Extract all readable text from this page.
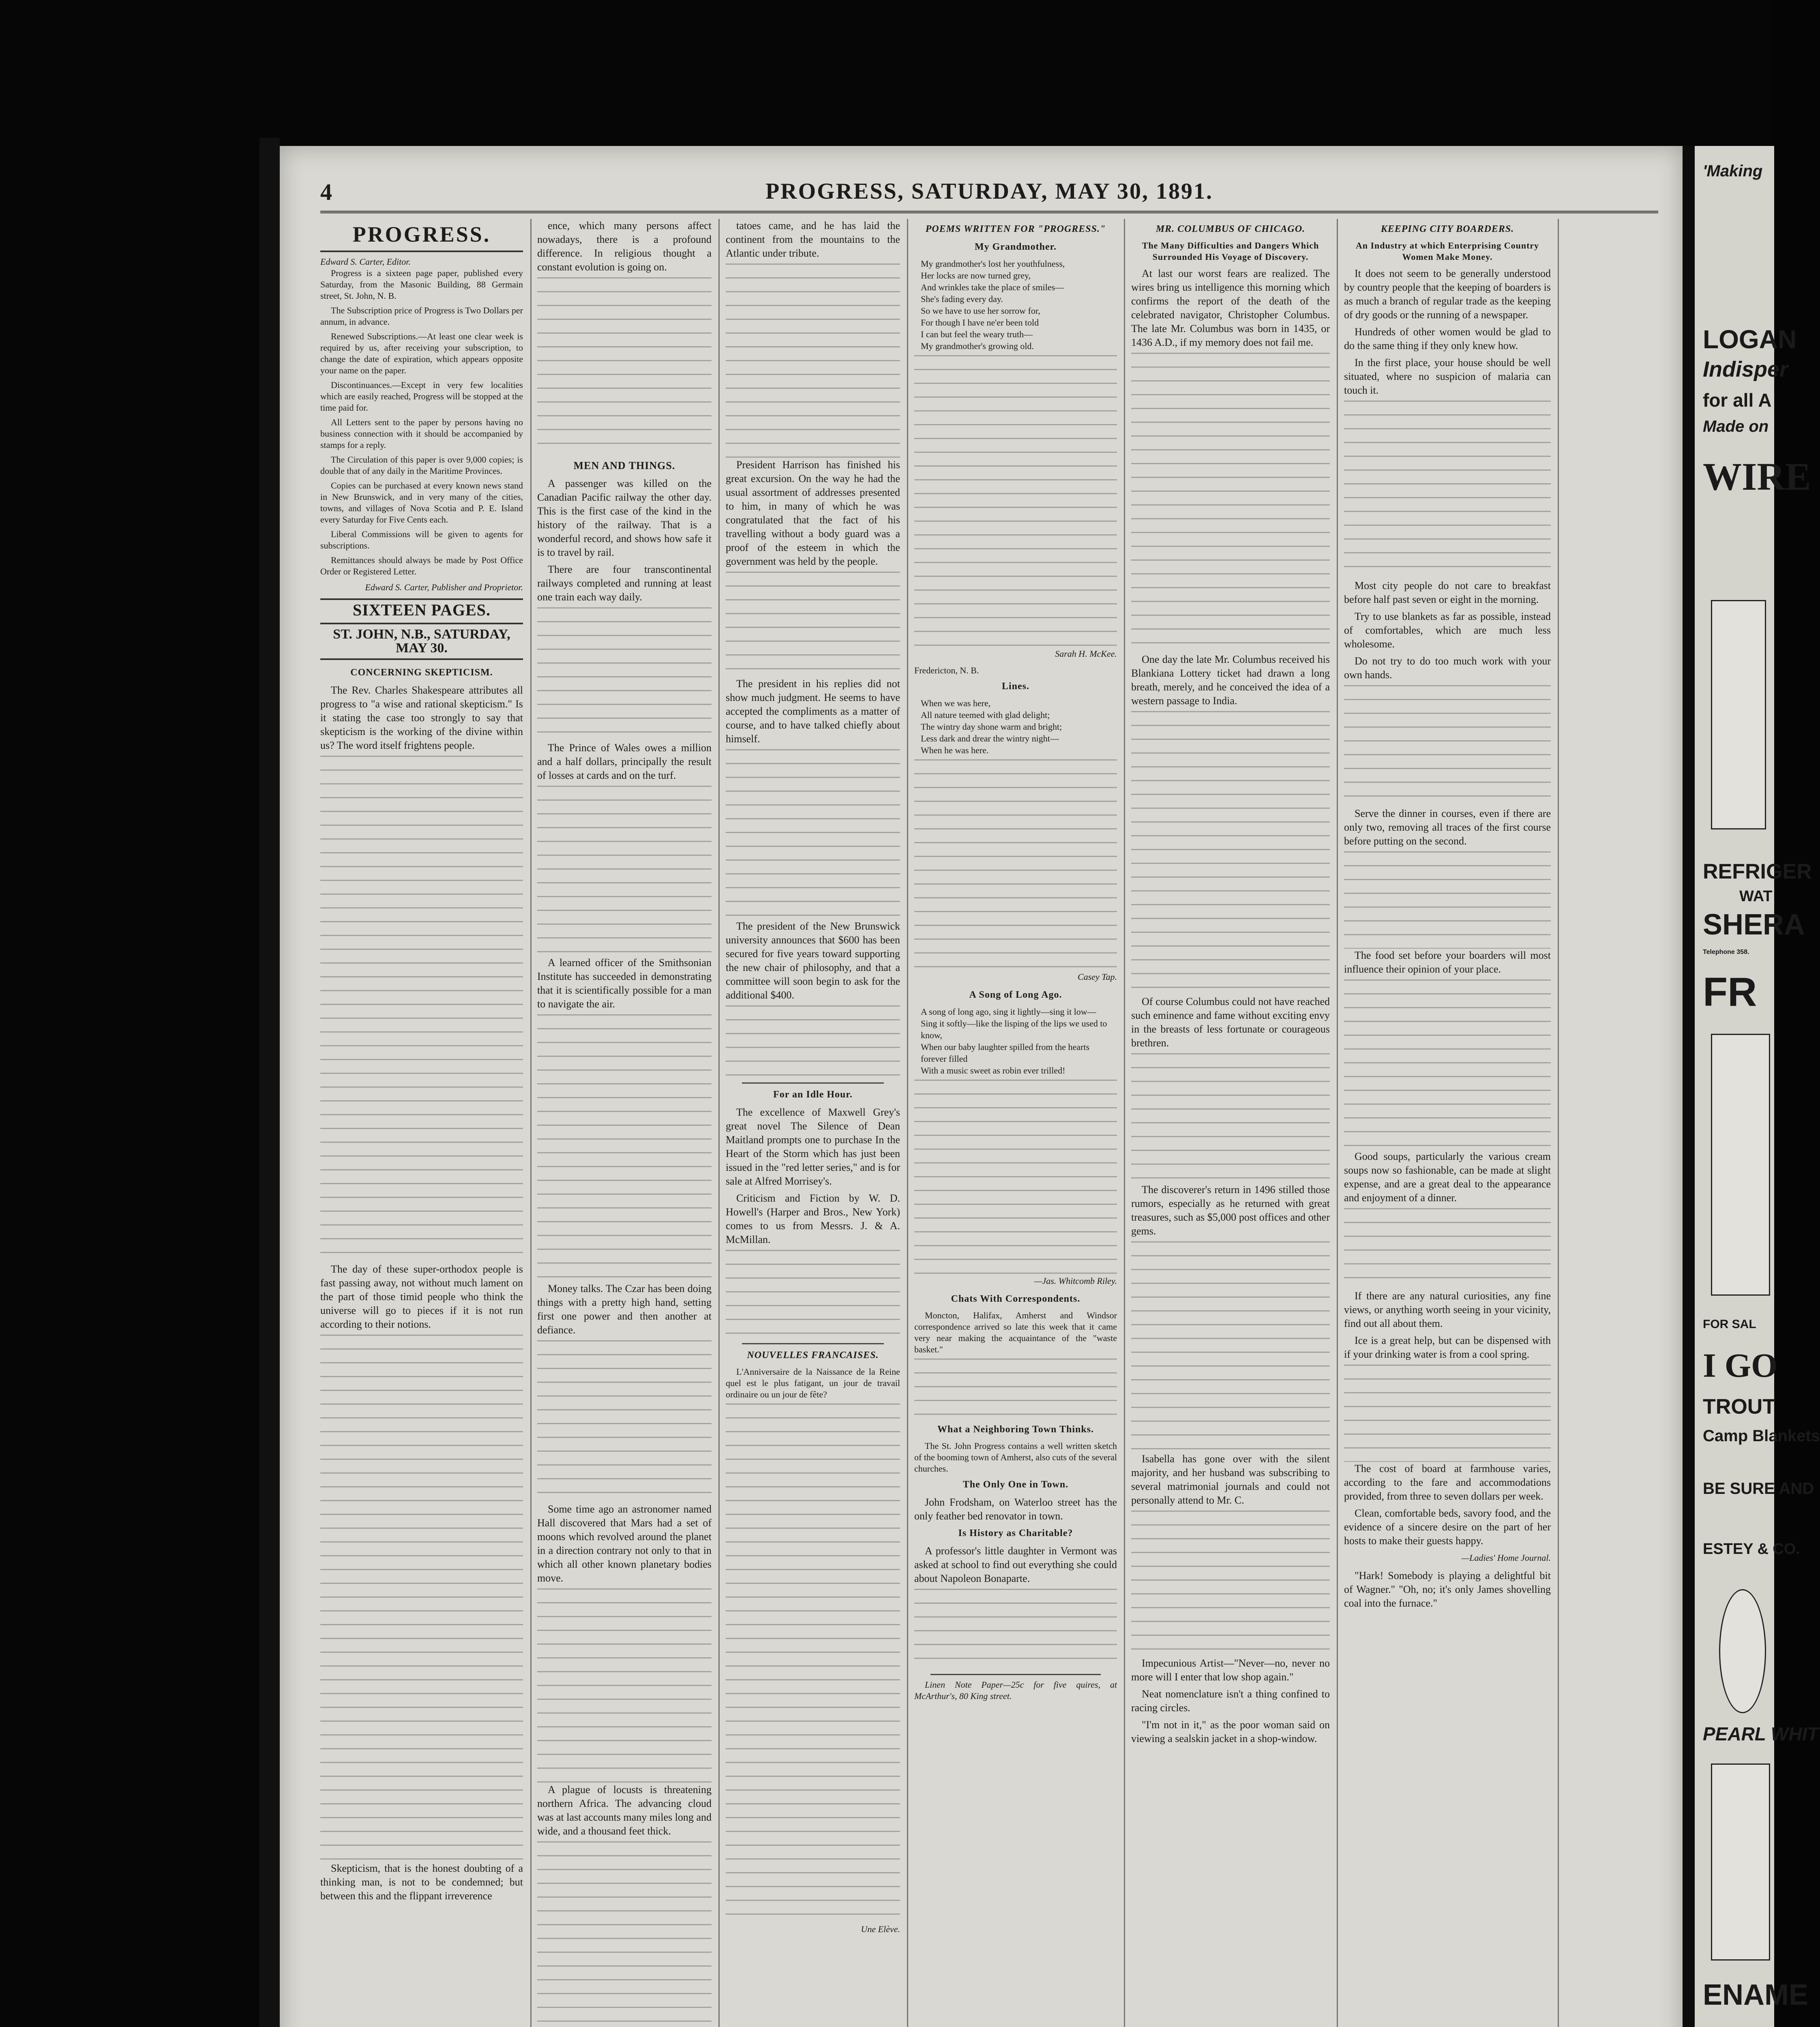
'Making
LOGAN
Indisper
for all A
Made on
WIRE
REFRIGER
WAT
SHERA
Telephone 358.
FR
FOR SAL
I GO
TROUT
Camp Blankets
BE SURE AND
ESTEY & CO.
PEARL WHIT
ENAME
4	PROGRESS, SATURDAY, MAY 30, 1891.
PROGRESS.
Edward S. Carter, Editor.

Progress is a sixteen page paper, published every Saturday, from the Masonic Building, 88 Germain street, St. John, N. B.

The Subscription price of Progress is Two Dollars per annum, in advance.

Renewed Subscriptions.—At least one clear week is required by us, after receiving your subscription, to change the date of expiration, which appears opposite your name on the paper.

Discontinuances.—Except in very few localities which are easily reached, Progress will be stopped at the time paid for.

All Letters sent to the paper by persons having no business connection with it should be accompanied by stamps for a reply.

The Circulation of this paper is over 9,000 copies; is double that of any daily in the Maritime Provinces.

Copies can be purchased at every known news stand in New Brunswick, and in very many of the cities, towns, and villages of Nova Scotia and P. E. Island every Saturday for Five Cents each.

Liberal Commissions will be given to agents for subscriptions.

Remittances should always be made by Post Office Order or Registered Letter.

Edward S. Carter, Publisher and Proprietor.
SIXTEEN PAGES.
ST. JOHN, N.B., SATURDAY, MAY 30.
CONCERNING SKEPTICISM.

The Rev. Charles Shakespeare attributes all progress to "a wise and rational skepticism." Is it stating the case too strongly to say that skepticism is the working of the divine within us? The word itself frightens people.

The day of these super-orthodox people is fast passing away, not without much lament on the part of those timid people who think the universe will go to pieces if it is not run according to their notions.

Skepticism, that is the honest doubting of a thinking man, is not to be condemned; but between this and the flippant irreverence

ence, which many persons affect nowadays, there is a profound difference. In religious thought a constant evolution is going on.

MEN AND THINGS.

A passenger was killed on the Canadian Pacific railway the other day. This is the first case of the kind in the history of the railway. That is a wonderful record, and shows how safe it is to travel by rail.

There are four transcontinental railways completed and running at least one train each way daily.

The Prince of Wales owes a million and a half dollars, principally the result of losses at cards and on the turf.

A learned officer of the Smithsonian Institute has succeeded in demonstrating that it is scientifically possible for a man to navigate the air.

Money talks. The Czar has been doing things with a pretty high hand, setting first one power and then another at defiance.

Some time ago an astronomer named Hall discovered that Mars had a set of moons which revolved around the planet in a direction contrary not only to that in which all other known planetary bodies move.

A plague of locusts is threatening northern Africa. The advancing cloud was at last accounts many miles long and wide, and a thousand feet thick.

tatoes came, and he has laid the continent from the mountains to the Atlantic under tribute.

President Harrison has finished his great excursion. On the way he had the usual assortment of addresses presented to him, in many of which he was congratulated that the fact of his travelling without a body guard was a proof of the esteem in which the government was held by the people.

The president in his replies did not show much judgment. He seems to have accepted the compliments as a matter of course, and to have talked chiefly about himself.

The president of the New Brunswick university announces that $600 has been secured for five years toward supporting the new chair of philosophy, and that a committee will soon begin to ask for the additional $400.

For an Idle Hour.

The excellence of Maxwell Grey's great novel The Silence of Dean Maitland prompts one to purchase In the Heart of the Storm which has just been issued in the "red letter series," and is for sale at Alfred Morrisey's.

Criticism and Fiction by W. D. Howell's (Harper and Bros., New York) comes to us from Messrs. J. & A. McMillan.

NOUVELLES FRANCAISES.

L'Anniversaire de la Naissance de la Reine quel est le plus fatigant, un jour de travail ordinaire ou un jour de fête?

Une Elève.
POEMS WRITTEN FOR "PROGRESS."
My Grandmother.
My grandmother's lost her youthfulness,
Her locks are now turned grey,
And wrinkles take the place of smiles—
She's fading every day.
So we have to use her sorrow for,
For though I have ne'er been told
I can but feel the weary truth—
My grandmother's growing old.
Sarah H. McKee.
Fredericton, N. B.
Lines.
When we was here,
All nature teemed with glad delight;
The wintry day shone warm and bright;
Less dark and drear the wintry night—
When he was here.
Casey Tap.
A Song of Long Ago.
A song of long ago, sing it lightly—sing it low—
Sing it softly—like the lisping of the lips we used to know,
When our baby laughter spilled from the hearts forever filled
With a music sweet as robin ever trilled!
—Jas. Whitcomb Riley.
Chats With Correspondents.

Moncton, Halifax, Amherst and Windsor correspondence arrived so late this week that it came very near making the acquaintance of the "waste basket."

What a Neighboring Town Thinks.

The St. John Progress contains a well written sketch of the booming town of Amherst, also cuts of the several churches.

The Only One in Town.

John Frodsham, on Waterloo street has the only feather bed renovator in town.

Is History as Charitable?

A professor's little daughter in Vermont was asked at school to find out everything she could about Napoleon Bonaparte.

Linen Note Paper—25c for five quires, at McArthur's, 80 King street.

MR. COLUMBUS OF CHICAGO.
The Many Difficulties and Dangers Which Surrounded His Voyage of Discovery.

At last our worst fears are realized. The wires bring us intelligence this morning which confirms the report of the death of the celebrated navigator, Christopher Columbus. The late Mr. Columbus was born in 1435, or 1436 A.D., if my memory does not fail me.

One day the late Mr. Columbus received his Blankiana Lottery ticket had drawn a long breath, merely, and he conceived the idea of a western passage to India.

Of course Columbus could not have reached such eminence and fame without exciting envy in the breasts of less fortunate or courageous brethren.

The discoverer's return in 1496 stilled those rumors, especially as he returned with great treasures, such as $5,000 post offices and other gems.

Isabella has gone over with the silent majority, and her husband was subscribing to several matrimonial journals and could not personally attend to Mr. C.

Impecunious Artist—"Never—no, never no more will I enter that low shop again."

Neat nomenclature isn't a thing confined to racing circles.

"I'm not in it," as the poor woman said on viewing a sealskin jacket in a shop-window.

KEEPING CITY BOARDERS.
An Industry at which Enterprising Country Women Make Money.

It does not seem to be generally understood by country people that the keeping of boarders is as much a branch of regular trade as the keeping of dry goods or the running of a newspaper.

Hundreds of other women would be glad to do the same thing if they only knew how.

In the first place, your house should be well situated, where no suspicion of malaria can touch it.

Most city people do not care to breakfast before half past seven or eight in the morning.

Try to use blankets as far as possible, instead of comfortables, which are much less wholesome.

Do not try to do too much work with your own hands.

Serve the dinner in courses, even if there are only two, removing all traces of the first course before putting on the second.

The food set before your boarders will most influence their opinion of your place.

Good soups, particularly the various cream soups now so fashionable, can be made at slight expense, and are a great deal to the appearance and enjoyment of a dinner.

If there are any natural curiosities, any fine views, or anything worth seeing in your vicinity, find out all about them.

Ice is a great help, but can be dispensed with if your drinking water is from a cool spring.

The cost of board at farmhouse varies, according to the fare and accommodations provided, from three to seven dollars per week.

Clean, comfortable beds, savory food, and the evidence of a sincere desire on the part of her hosts to make their guests happy.

—Ladies' Home Journal.

"Hark! Somebody is playing a delightful bit of Wagner." "Oh, no; it's only James shovelling coal into the furnace."
